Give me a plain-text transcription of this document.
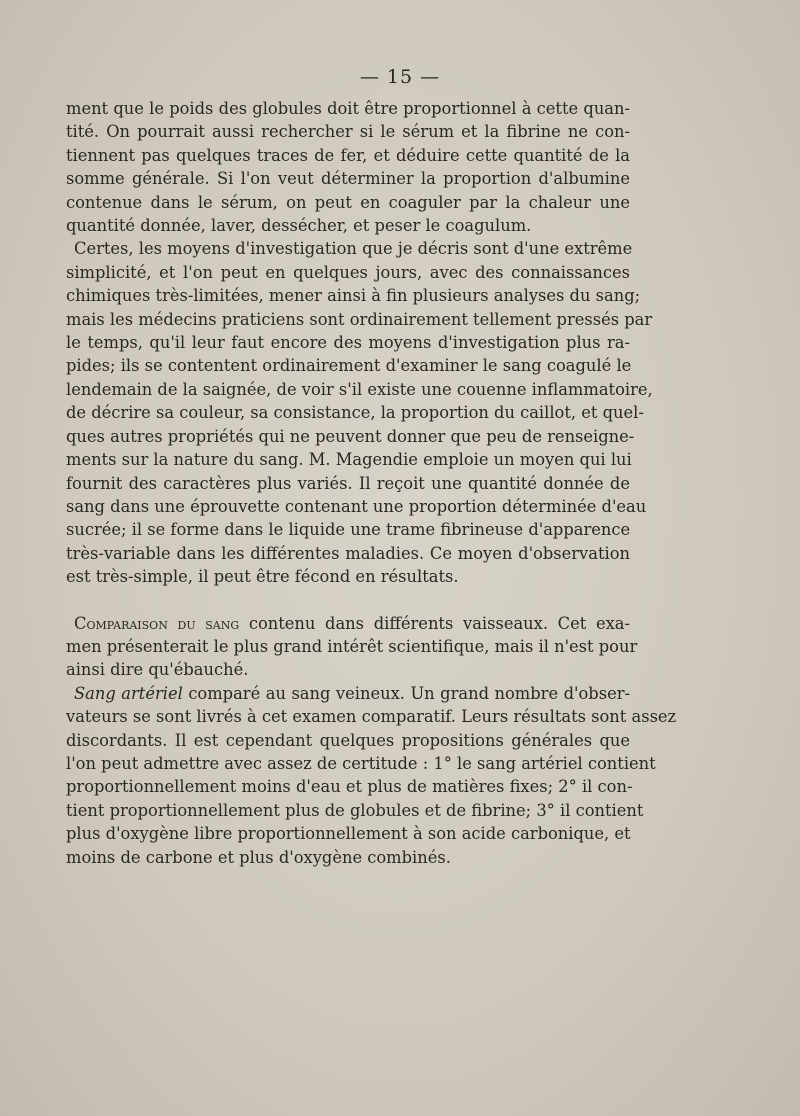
— 15 —
ment que le poids des globules doit être proportionnel à cette quan-
tité. On pourrait aussi rechercher si le sérum et la fibrine ne con-
tiennent pas quelques traces de fer, et déduire cette quantité de la
somme générale. Si l'on veut déterminer la proportion d'albumine
contenue dans le sérum, on peut en coaguler par la chaleur une
quantité donnée, laver, dessécher, et peser le coagulum.
Certes, les moyens d'investigation que je décris sont d'une extrême
simplicité, et l'on peut en quelques jours, avec des connaissances
chimiques très-limitées, mener ainsi à fin plusieurs analyses du sang;
mais les médecins praticiens sont ordinairement tellement pressés par
le temps, qu'il leur faut encore des moyens d'investigation plus ra-
pides; ils se contentent ordinairement d'examiner le sang coagulé le
lendemain de la saignée, de voir s'il existe une couenne inflammatoire,
de décrire sa couleur, sa consistance, la proportion du caillot, et quel-
ques autres propriétés qui ne peuvent donner que peu de renseigne-
ments sur la nature du sang. M. Magendie emploie un moyen qui lui
fournit des caractères plus variés. Il reçoit une quantité donnée de
sang dans une éprouvette contenant une proportion déterminée d'eau
sucrée; il se forme dans le liquide une trame fibrineuse d'apparence
très-variable dans les différentes maladies. Ce moyen d'observation
est très-simple, il peut être fécond en résultats.
Comparaison du sang contenu dans différents vaisseaux. Cet exa-
men présenterait le plus grand intérêt scientifique, mais il n'est pour
ainsi dire qu'ébauché.
Sang artériel comparé au sang veineux. Un grand nombre d'obser-
vateurs se sont livrés à cet examen comparatif. Leurs résultats sont assez
discordants. Il est cependant quelques propositions générales que
l'on peut admettre avec assez de certitude : 1° le sang artériel contient
proportionnellement moins d'eau et plus de matières fixes; 2° il con-
tient proportionnellement plus de globules et de fibrine; 3° il contient
plus d'oxygène libre proportionnellement à son acide carbonique, et
moins de carbone et plus d'oxygène combinés.
